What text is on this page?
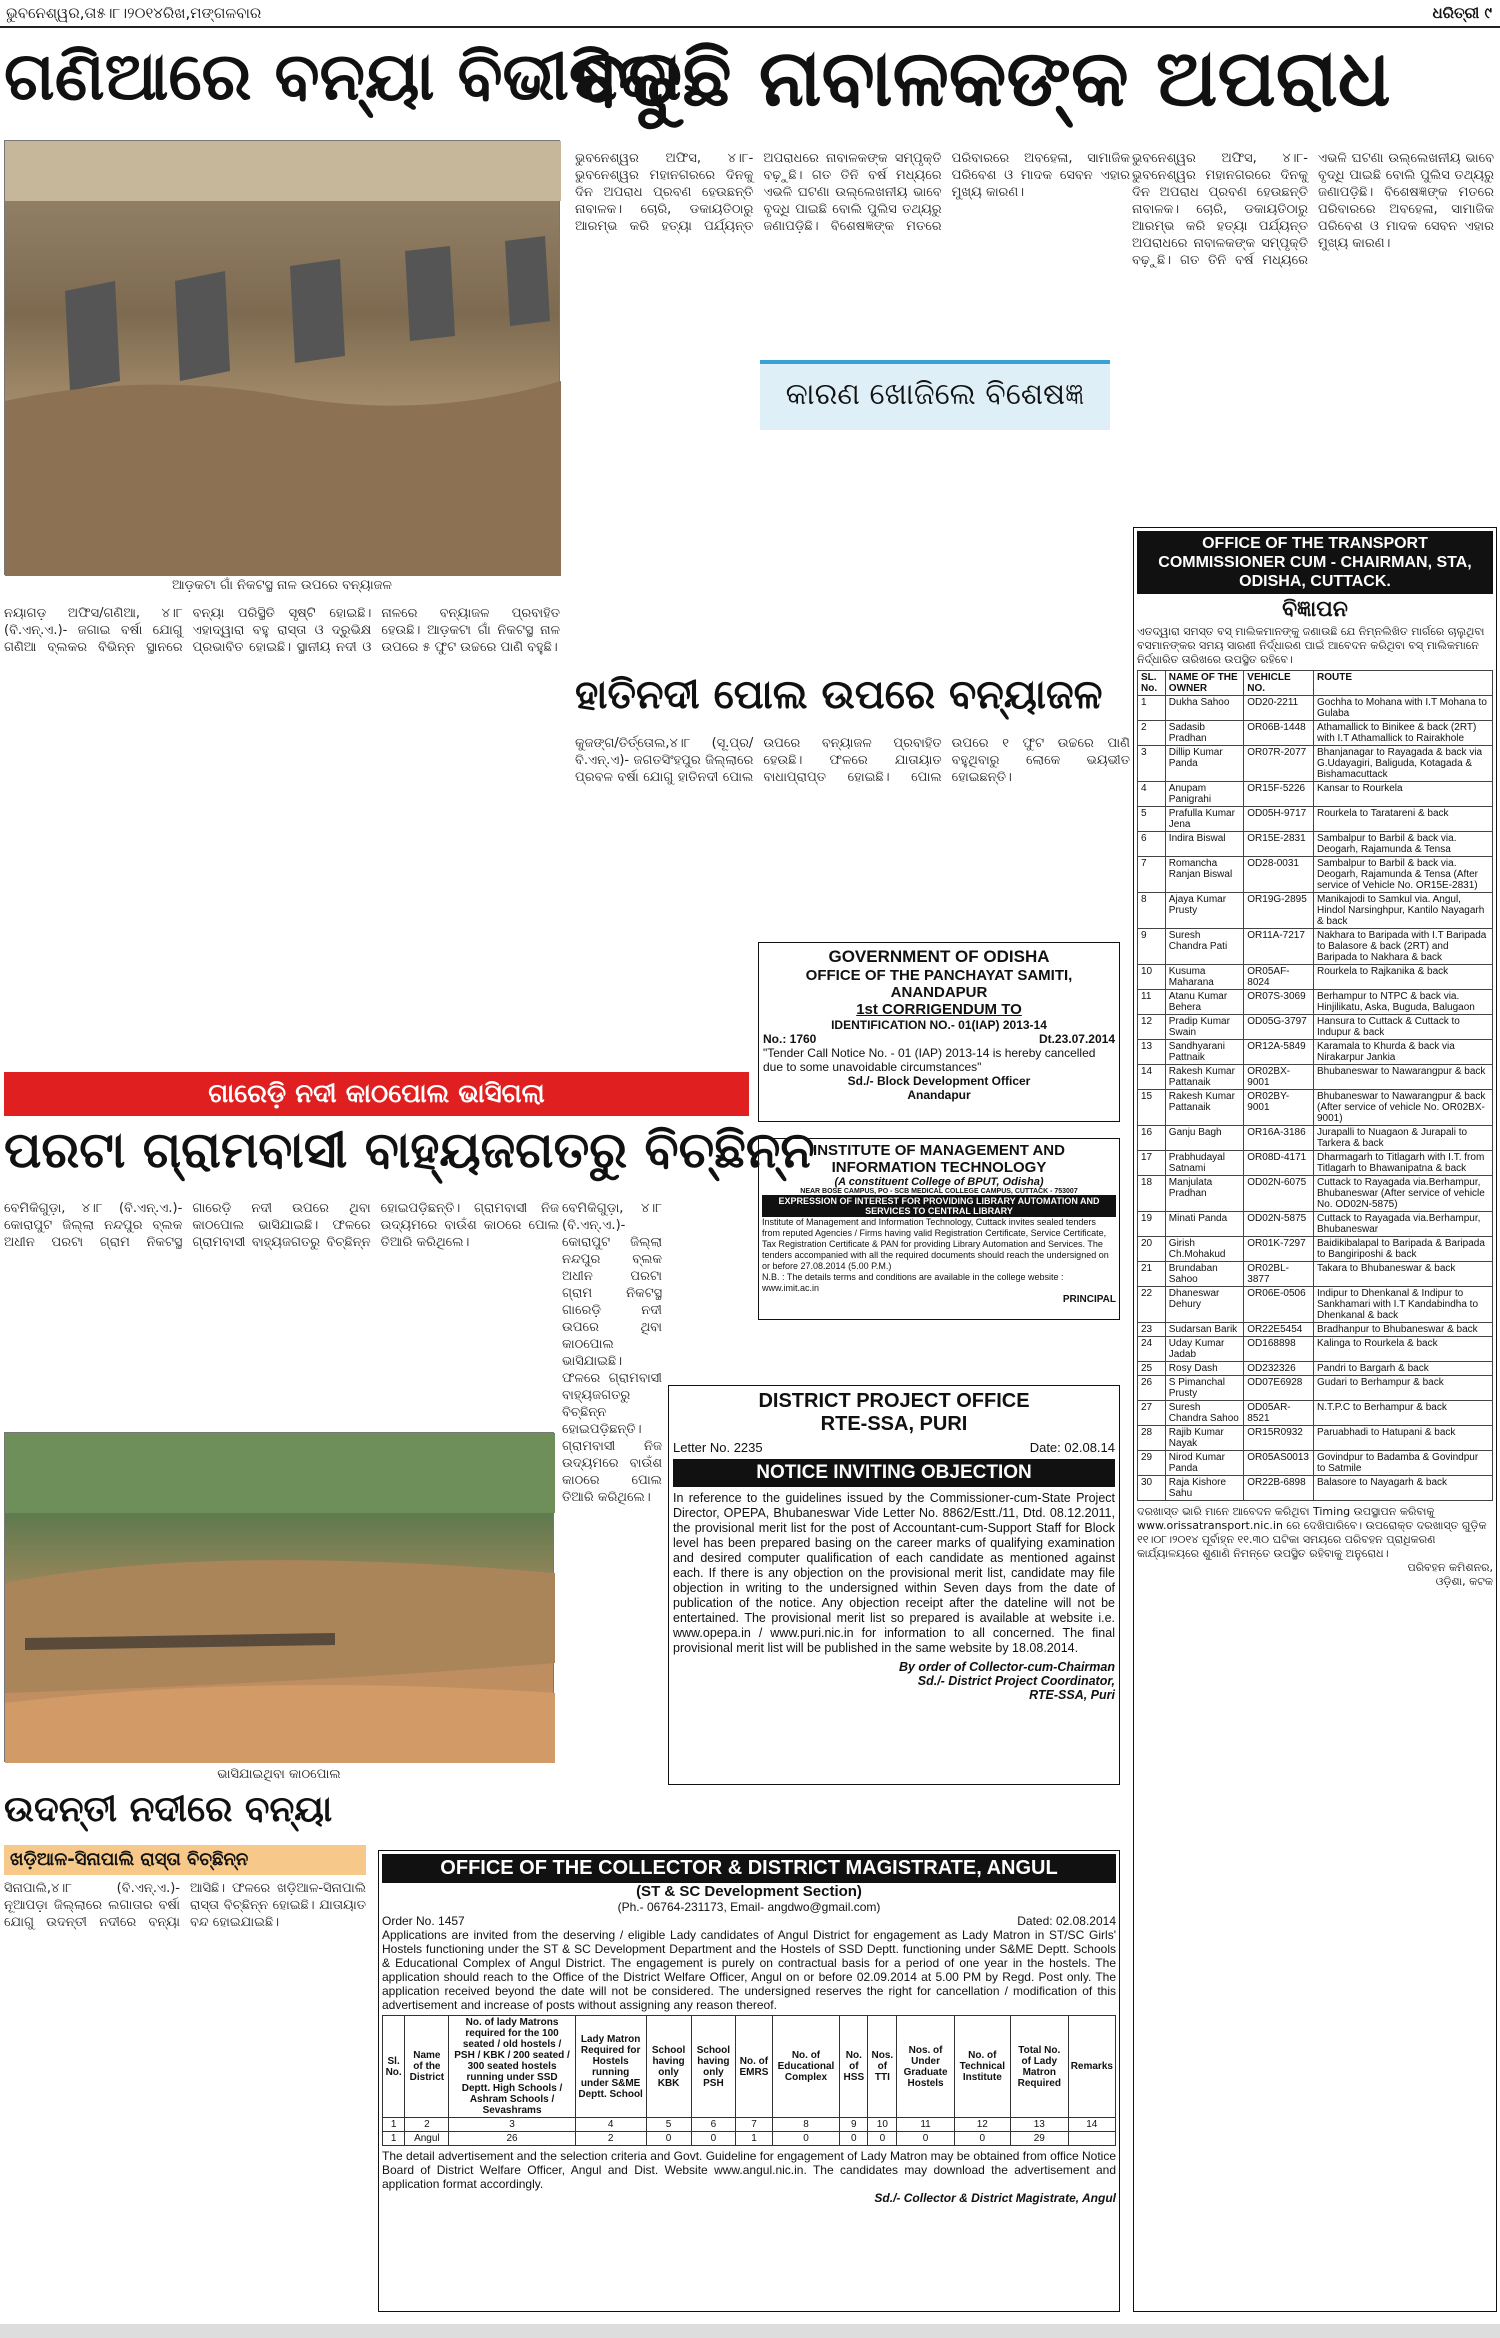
ଭୁବନେଶ୍ୱର,ତା୫।୮।୨୦୧୪ରିଖ,ମଙ୍ଗଳବାର	ଧରିତ୍ରୀ ୯
ଗଣିଆରେ ବନ୍ୟା ବିଭୀଷିକା
ଆଡ଼କଟା ଗାଁ ନିକଟସ୍ଥ ନାଳ ଉପରେ ବନ୍ୟାଜଳ

ନୟାଗଡ଼ ଅଫିସ/ଗଣିଆ, ୪।୮ (ବି.ଏନ୍.ଏ.)- ଜଗାଇ ବର୍ଷା ଯୋଗୁ ଗଣିଆ ବ୍ଲକର ବିଭିନ୍ନ ସ୍ଥାନରେ ବନ୍ୟା ପରିସ୍ଥିତି ସୃଷ୍ଟି ହୋଇଛି। ଏହାଦ୍ୱାରା ବହୁ ରାସ୍ତା ଓ ଦ୍ରୁଭିକ୍ଷ ପ୍ରଭାବିତ ହୋଇଛି। ସ୍ଥାନୀୟ ନଦୀ ଓ ନାଳରେ ବନ୍ୟାଜଳ ପ୍ରବାହିତ ହେଉଛି। ଆଡ଼କଟା ଗାଁ ନିକଟସ୍ଥ ନାଳ ଉପରେ ୫ ଫୁଟ ଉଚ୍ଚରେ ପାଣି ବହୁଛି।

ବଢୁଛି ନାବାଳକଙ୍କ ଅପରାଧ

ଭୁବନେଶ୍ୱର ଅଫିସ, ୪।୮- ଭୁବନେଶ୍ୱର ମହାନଗରରେ ଦିନକୁ ଦିନ ଅପରାଧ ପ୍ରବଣ ହେଉଛନ୍ତି ନାବାଳକ। ଚୋରି, ଡକାୟତିଠାରୁ ଆରମ୍ଭ କରି ହତ୍ୟା ପର୍ଯ୍ୟନ୍ତ ଅପରାଧରେ ନାବାଳକଙ୍କ ସମ୍ପୃକ୍ତି ବଢ଼ୁଛି। ଗତ ତିନି ବର୍ଷ ମଧ୍ୟରେ ଏଭଳି ଘଟଣା ଉଲ୍ଲେଖନୀୟ ଭାବେ ବୃଦ୍ଧି ପାଇଛି ବୋଲି ପୁଲିସ ତଥ୍ୟରୁ ଜଣାପଡ଼ିଛି। ବିଶେଷଜ୍ଞଙ୍କ ମତରେ ପରିବାରରେ ଅବହେଳା, ସାମାଜିକ ପରିବେଶ ଓ ମାଦକ ସେବନ ଏହାର ମୁଖ୍ୟ କାରଣ।

କାରଣ ଖୋଜିଲେ ବିଶେଷଜ୍ଞ

ଭୁବନେଶ୍ୱର ଅଫିସ, ୪।୮- ଭୁବନେଶ୍ୱର ମହାନଗରରେ ଦିନକୁ ଦିନ ଅପରାଧ ପ୍ରବଣ ହେଉଛନ୍ତି ନାବାଳକ। ଚୋରି, ଡକାୟତିଠାରୁ ଆରମ୍ଭ କରି ହତ୍ୟା ପର୍ଯ୍ୟନ୍ତ ଅପରାଧରେ ନାବାଳକଙ୍କ ସମ୍ପୃକ୍ତି ବଢ଼ୁଛି। ଗତ ତିନି ବର୍ଷ ମଧ୍ୟରେ ଏଭଳି ଘଟଣା ଉଲ୍ଲେଖନୀୟ ଭାବେ ବୃଦ୍ଧି ପାଇଛି ବୋଲି ପୁଲିସ ତଥ୍ୟରୁ ଜଣାପଡ଼ିଛି। ବିଶେଷଜ୍ଞଙ୍କ ମତରେ ପରିବାରରେ ଅବହେଳା, ସାମାଜିକ ପରିବେଶ ଓ ମାଦକ ସେବନ ଏହାର ମୁଖ୍ୟ କାରଣ।

ହାତିନଦୀ ପୋଲ ଉପରେ ବନ୍ୟାଜଳ

କୁଜଙ୍ଗ/ତିର୍ତ୍ତୋଲ,୪।୮ (ସୂ.ପ୍ର/ବି.ଏନ୍.ଏ)- ଜଗତସିଂହପୁର ଜିଲ୍ଲାରେ ପ୍ରବଳ ବର୍ଷା ଯୋଗୁ ହାତିନଦୀ ପୋଲ ଉପରେ ବନ୍ୟାଜଳ ପ୍ରବାହିତ ହେଉଛି। ଫଳରେ ଯାତାୟାତ ବାଧାପ୍ରାପ୍ତ ହୋଇଛି। ପୋଲ ଉପରେ ୧ ଫୁଟ ଉଚ୍ଚରେ ପାଣି ବହୁଥିବାରୁ ଲୋକେ ଭୟଭୀତ ହୋଇଛନ୍ତି।

GOVERNMENT OF ODISHA
OFFICE OF THE PANCHAYAT SAMITI, ANANDAPUR
1st CORRIGENDUM TO
IDENTIFICATION NO.- 01(IAP) 2013-14
No.: 1760	Dt.23.07.2014
"Tender Call Notice No. - 01 (IAP) 2013-14 is hereby cancelled due to some unavoidable circumstances"
Sd./- Block Development Officer
Anandapur
INSTITUTE OF MANAGEMENT AND INFORMATION TECHNOLOGY
(A constituent College of BPUT, Odisha)
NEAR BOSE CAMPUS, PO - SCB MEDICAL COLLEGE CAMPUS, CUTTACK - 753007
EXPRESSION OF INTEREST FOR PROVIDING LIBRARY AUTOMATION AND SERVICES TO CENTRAL LIBRARY
Institute of Management and Information Technology, Cuttack invites sealed tenders from reputed Agencies / Firms having valid Registration Certificate, Service Certificate, Tax Registration Certificate & PAN for providing Library Automation and Services. The tenders accompanied with all the required documents should reach the undersigned on or before 27.08.2014 (5.00 P.M.)
N.B. : The details terms and conditions are available in the college website : www.imit.ac.in
PRINCIPAL
ଗାରେଡ଼ି ନଦୀ କାଠପୋଲ ଭାସିଗଲା
ପରଟା ଗ୍ରାମବାସୀ ବାହ୍ୟଜଗତରୁ ବିଚ୍ଛିନ୍ନ

ବେମିକିଗୁଡ଼ା, ୪।୮ (ବି.ଏନ୍.ଏ.)- କୋରାପୁଟ ଜିଲ୍ଲା ନନ୍ଦପୁର ବ୍ଲକ ଅଧୀନ ପରଟା ଗ୍ରାମ ନିକଟସ୍ଥ ଗାରେଡ଼ି ନଦୀ ଉପରେ ଥିବା କାଠପୋଲ ଭାସିଯାଇଛି। ଫଳରେ ଗ୍ରାମବାସୀ ବାହ୍ୟଜଗତରୁ ବିଚ୍ଛିନ୍ନ ହୋଇପଡ଼ିଛନ୍ତି। ଗ୍ରାମବାସୀ ନିଜ ଉଦ୍ୟମରେ ବାଉଁଶ କାଠରେ ପୋଲ ତିଆରି କରିଥିଲେ।

ଭାସିଯାଇଥିବା କାଠପୋଲ

ବେମିକିଗୁଡ଼ା, ୪।୮ (ବି.ଏନ୍.ଏ.)- କୋରାପୁଟ ଜିଲ୍ଲା ନନ୍ଦପୁର ବ୍ଲକ ଅଧୀନ ପରଟା ଗ୍ରାମ ନିକଟସ୍ଥ ଗାରେଡ଼ି ନଦୀ ଉପରେ ଥିବା କାଠପୋଲ ଭାସିଯାଇଛି। ଫଳରେ ଗ୍ରାମବାସୀ ବାହ୍ୟଜଗତରୁ ବିଚ୍ଛିନ୍ନ ହୋଇପଡ଼ିଛନ୍ତି। ଗ୍ରାମବାସୀ ନିଜ ଉଦ୍ୟମରେ ବାଉଁଶ କାଠରେ ପୋଲ ତିଆରି କରିଥିଲେ।

DISTRICT PROJECT OFFICE
RTE-SSA, PURI
Letter No. 2235	Date: 02.08.14
NOTICE INVITING OBJECTION
In reference to the guidelines issued by the Commissioner-cum-State Project Director, OPEPA, Bhubaneswar Vide Letter No. 8862/Estt./11, Dtd. 08.12.2011, the provisional merit list for the post of Accountant-cum-Support Staff for Block level has been prepared basing on the career marks of qualifying examination and desired computer qualification of each candidate as mentioned against each. If there is any objection on the provisional merit list, candidate may file objection in writing to the undersigned within Seven days from the date of publication of the notice. Any objection receipt after the dateline will not be entertained. The provisional merit list so prepared is available at website i.e. www.opepa.in / www.puri.nic.in for information to all concerned. The final provisional merit list will be published in the same website by 18.08.2014.
By order of Collector-cum-Chairman
Sd./- District Project Coordinator,
RTE-SSA, Puri
ଉଦନ୍ତୀ ନଦୀରେ ବନ୍ୟା
ଖଡ଼ିଆଳ-ସିନାପାଲି ରାସ୍ତା ବିଚ୍ଛିନ୍ନ

ସିନାପାଲି,୪।୮ (ବି.ଏନ୍.ଏ.)- ନୂଆପଡ଼ା ଜିଲ୍ଲାରେ ଲଗାତାର ବର୍ଷା ଯୋଗୁ ଉଦନ୍ତୀ ନଦୀରେ ବନ୍ୟା ଆସିଛି। ଫଳରେ ଖଡ଼ିଆଳ-ସିନାପାଲି ରାସ୍ତା ବିଚ୍ଛିନ୍ନ ହୋଇଛି। ଯାତାୟାତ ବନ୍ଦ ହୋଇଯାଇଛି।

OFFICE OF THE COLLECTOR & DISTRICT MAGISTRATE, ANGUL
(ST & SC Development Section)
(Ph.- 06764-231173, Email- angdwo@gmail.com)
Order No. 1457	Dated: 02.08.2014
Applications are invited from the deserving / eligible Lady candidates of Angul District for engagement as Lady Matron in ST/SC Girls' Hostels functioning under the ST & SC Development Department and the Hostels of SSD Deptt. functioning under S&ME Deptt. Schools & Educational Complex of Angul District. The engagement is purely on contractual basis for a period of one year in the hostels. The application should reach to the Office of the District Welfare Officer, Angul on or before 02.09.2014 at 5.00 PM by Regd. Post only. The application received beyond the date will not be considered. The undersigned reserves the right for cancellation / modification of this advertisement and increase of posts without assigning any reason thereof.
Sl. No.	Name of the District	No. of lady Matrons required for the 100 seated / old hostels / PSH / KBK / 200 seated / 300 seated hostels running under SSD Deptt. High Schools / Ashram Schools / Sevashrams	Lady Matron Required for Hostels running under S&ME Deptt. School	School having only KBK	School having only PSH	No. of EMRS	No. of Educational Complex	No. of HSS	Nos. of TTI	Nos. of Under Graduate Hostels	No. of Technical Institute	Total No. of Lady Matron Required	Remarks
1	2	3	4	5	6	7	8	9	10	11	12	13	14
1	Angul	26	2	0	0	1	0	0	0	0	0	29	
The detail advertisement and the selection criteria and Govt. Guideline for engagement of Lady Matron may be obtained from office Notice Board of District Welfare Officer, Angul and Dist. Website www.angul.nic.in. The candidates may download the advertisement and application format accordingly.
Sd./- Collector & District Magistrate, Angul
OFFICE OF THE TRANSPORT COMMISSIONER CUM - CHAIRMAN, STA, ODISHA, CUTTACK.
ବିଜ୍ଞାପନ
ଏତଦ୍ୱାରା ସମସ୍ତ ବସ୍ ମାଲିକମାନଙ୍କୁ ଜଣାଉଛି ଯେ ନିମ୍ନଲିଖିତ ମାର୍ଗରେ ଚାଲୁଥିବା ବସମାନଙ୍କର ସମୟ ସାରଣୀ ନିର୍ଦ୍ଧାରଣ ପାଇଁ ଆବେଦନ କରିଥିବା ବସ୍ ମାଲିକମାନେ ନିର୍ଦ୍ଧାରିତ ତାରିଖରେ ଉପସ୍ଥିତ ରହିବେ।
SL. No.	NAME OF THE OWNER	VEHICLE NO.	ROUTE
1	Dukha Sahoo	OD20-2211	Gochha to Mohana with I.T Mohana to Gulaba
2	Sadasib Pradhan	OR06B-1448	Athamallick to Binikee & back (2RT) with I.T Athamallick to Rairakhole
3	Dillip Kumar Panda	OR07R-2077	Bhanjanagar to Rayagada & back via G.Udayagiri, Baliguda, Kotagada & Bishamacuttack
4	Anupam Panigrahi	OR15F-5226	Kansar to Rourkela
5	Prafulla Kumar Jena	OD05H-9717	Rourkela to Taratareni & back
6	Indira Biswal	OR15E-2831	Sambalpur to Barbil & back via. Deogarh, Rajamunda & Tensa
7	Romancha Ranjan Biswal	OD28-0031	Sambalpur to Barbil & back via. Deogarh, Rajamunda & Tensa (After service of Vehicle No. OR15E-2831)
8	Ajaya Kumar Prusty	OR19G-2895	Manikajodi to Samkul via. Angul, Hindol Narsinghpur, Kantilo Nayagarh & back
9	Suresh Chandra Pati	OR11A-7217	Nakhara to Baripada with I.T Baripada to Balasore & back (2RT) and Baripada to Nakhara & back
10	Kusuma Maharana	OR05AF-8024	Rourkela to Rajkanika & back
11	Atanu Kumar Behera	OR07S-3069	Berhampur to NTPC & back via. Hinjilikatu, Aska, Buguda, Balugaon
12	Pradip Kumar Swain	OD05G-3797	Hansura to Cuttack & Cuttack to Indupur & back
13	Sandhyarani Pattnaik	OR12A-5849	Karamala to Khurda & back via Nirakarpur Jankia
14	Rakesh Kumar Pattanaik	OR02BX-9001	Bhubaneswar to Nawarangpur & back
15	Rakesh Kumar Pattanaik	OR02BY-9001	Bhubaneswar to Nawarangpur & back (After service of vehicle No. OR02BX-9001)
16	Ganju Bagh	OR16A-3186	Jurapalli to Nuagaon & Jurapali to Tarkera & back
17	Prabhudayal Satnami	OR08D-4171	Dharmagarh to Titlagarh with I.T. from Titlagarh to Bhawanipatna & back
18	Manjulata Pradhan	OD02N-6075	Cuttack to Rayagada via.Berhampur, Bhubaneswar (After service of vehicle No. OD02N-5875)
19	Minati Panda	OD02N-5875	Cuttack to Rayagada via.Berhampur, Bhubaneswar
20	Girish Ch.Mohakud	OR01K-7297	Baidikibalapal to Baripada & Baripada to Bangiriposhi & back
21	Brundaban Sahoo	OR02BL-3877	Takara to Bhubaneswar & back
22	Dhaneswar Dehury	OR06E-0506	Indipur to Dhenkanal & Indipur to Sankhamari with I.T Kandabindha to Dhenkanal & back
23	Sudarsan Barik	OR22E5454	Bradhanpur to Bhubaneswar & back
24	Uday Kumar Jadab	OD168898	Kalinga to Rourkela & back
25	Rosy Dash	OD232326	Pandri to Bargarh & back
26	S Pimanchal Prusty	OD07E6928	Gudari to Berhampur & back
27	Suresh Chandra Sahoo	OD05AR-8521	N.T.P.C to Berhampur & back
28	Rajib Kumar Nayak	OR15R0932	Paruabhadi to Hatupani & back
29	Nirod Kumar Panda	OR05AS0013	Govindpur to Badamba & Govindpur to Satmile
30	Raja Kishore Sahu	OR22B-6898	Balasore to Nayagarh & back
ଦରଖାସ୍ତ ଭାରି ମାନେ ଆବେଦନ କରିଥିବା Timing ଉପସ୍ଥାପନ କରିବାକୁ www.orissatransport.nic.in ରେ ଦେଖିପାରିବେ। ଉପରୋକ୍ତ ଦରଖାସ୍ତ ଗୁଡ଼ିକ ୧୧।୦୮।୨୦୧୪ ପୂର୍ବାହ୍ନ ୧୧.୩୦ ଘଟିକା ସମୟରେ ପରିବହନ ପ୍ରାଧିକରଣ କାର୍ଯ୍ୟାଳୟରେ ଶୁଣାଣି ନିମନ୍ତେ ଉପସ୍ଥିତ ରହିବାକୁ ଅନୁରୋଧ।
ପରିବହନ କମିଶନର,
ଓଡ଼ିଶା, କଟକ
